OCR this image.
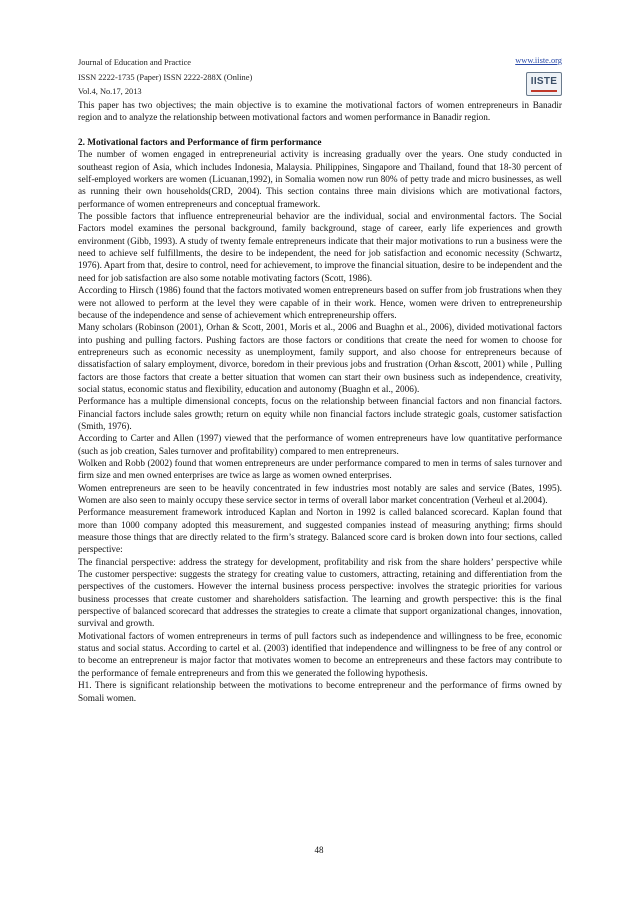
Journal of Education and Practice
ISSN 2222-1735 (Paper) ISSN 2222-288X (Online)
Vol.4, No.17, 2013
www.iiste.org
IISTE

This paper has two objectives; the main objective is to examine the motivational factors of women entrepreneurs in Banadir region and to analyze the relationship between motivational factors and women performance in Banadir region.

2. Motivational factors and Performance of firm performance

The number of women engaged in entrepreneurial activity is increasing gradually over the years. One study conducted in southeast region of Asia, which includes Indonesia, Malaysia. Philippines, Singapore and Thailand, found that 18-30 percent of self-employed workers are women (Licuanan,1992), in Somalia women now run 80% of petty trade and micro businesses, as well as running their own households(CRD, 2004). This section contains three main divisions which are motivational factors, performance of women entrepreneurs and conceptual framework.

The possible factors that influence entrepreneurial behavior are the individual, social and environmental factors. The Social Factors model examines the personal background, family background, stage of career, early life experiences and growth environment (Gibb, 1993). A study of twenty female entrepreneurs indicate that their major motivations to run a business were the need to achieve self fulfillments, the desire to be independent, the need for job satisfaction and economic necessity (Schwartz, 1976). Apart from that, desire to control, need for achievement, to improve the financial situation, desire to be independent and the need for job satisfaction are also some notable motivating factors (Scott, 1986).

According to Hirsch (1986) found that the factors motivated women entrepreneurs based on suffer from job frustrations when they were not allowed to perform at the level they were capable of in their work. Hence, women were driven to entrepreneurship because of the independence and sense of achievement which entrepreneurship offers.

Many scholars (Robinson (2001), Orhan & Scott, 2001, Moris et al., 2006 and Buaghn et al., 2006), divided motivational factors into pushing and pulling factors. Pushing factors are those factors or conditions that create the need for women to choose for entrepreneurs such as economic necessity as unemployment, family support, and also choose for entrepreneurs because of dissatisfaction of salary employment, divorce, boredom in their previous jobs and frustration (Orhan &scott, 2001) while , Pulling factors are those factors that create a better situation that women can start their own business such as independence, creativity, social status, economic status and flexibility, education and autonomy (Buaghn et al., 2006).

Performance has a multiple dimensional concepts, focus on the relationship between financial factors and non financial factors. Financial factors include sales growth; return on equity while non financial factors include strategic goals, customer satisfaction (Smith, 1976).

According to Carter and Allen (1997) viewed that the performance of women entrepreneurs have low quantitative performance (such as job creation, Sales turnover and profitability) compared to men entrepreneurs.

Wolken and Robb (2002) found that women entrepreneurs are under performance compared to men in terms of sales turnover and firm size and men owned enterprises are twice as large as women owned enterprises.

Women entrepreneurs are seen to be heavily concentrated in few industries most notably are sales and service (Bates, 1995). Women are also seen to mainly occupy these service sector in terms of overall labor market concentration (Verheul et al.2004).

Performance measurement framework introduced Kaplan and Norton in 1992 is called balanced scorecard. Kaplan found that more than 1000 company adopted this measurement, and suggested companies instead of measuring anything; firms should measure those things that are directly related to the firm’s strategy. Balanced score card is broken down into four sections, called perspective:

The financial perspective: address the strategy for development, profitability and risk from the share holders’ perspective while The customer perspective: suggests the strategy for creating value to customers, attracting, retaining and differentiation from the perspectives of the customers. However the internal business process perspective: involves the strategic priorities for various business processes that create customer and shareholders satisfaction. The learning and growth perspective: this is the final perspective of balanced scorecard that addresses the strategies to create a climate that support organizational changes, innovation, survival and growth.

Motivational factors of women entrepreneurs in terms of pull factors such as independence and willingness to be free, economic status and social status. According to cartel et al. (2003) identified that independence and willingness to be free of any control or to become an entrepreneur is major factor that motivates women to become an entrepreneurs and these factors may contribute to the performance of female entrepreneurs and from this we generated the following hypothesis.

H1. There is significant relationship between the motivations to become entrepreneur and the performance of firms owned by Somali women.

48
